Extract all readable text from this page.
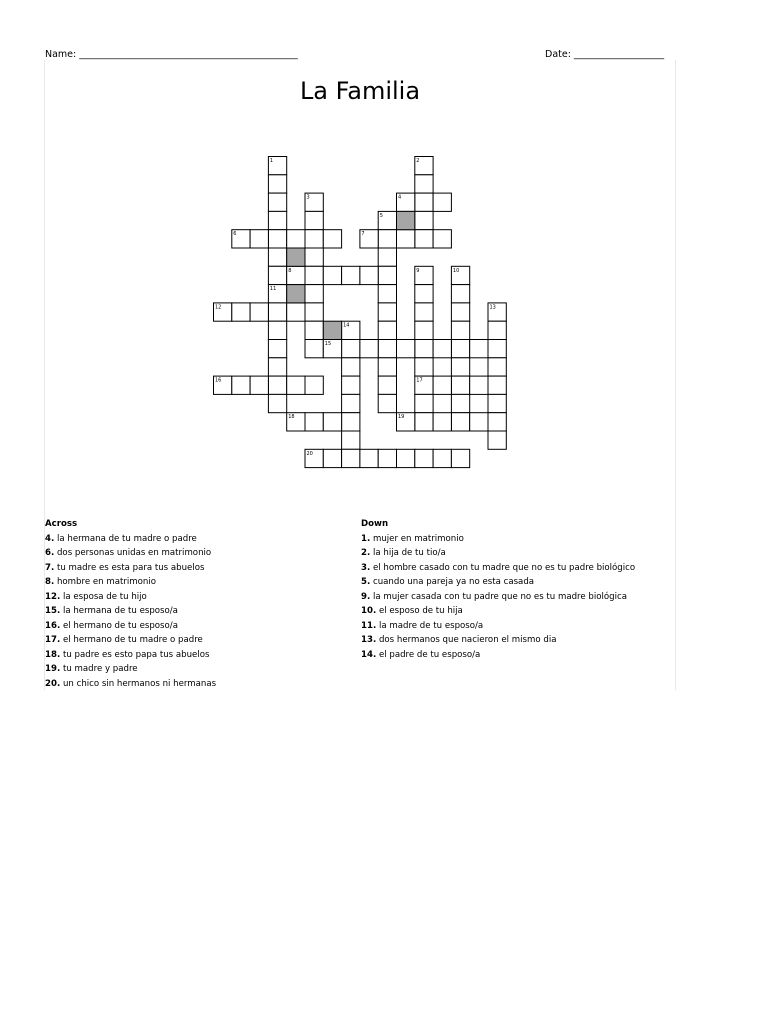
Name: ______________________________________________	Date: ___________________
La Familia
1	2
3	4
5
6	7
8	9	10
11
12	13
14
15
16	17
18	19
20
Across
4. la hermana de tu madre o padre
6. dos personas unidas en matrimonio
7. tu madre es esta para tus abuelos
8. hombre en matrimonio
12. la esposa de tu hijo
15. la hermana de tu esposo/a
16. el hermano de tu esposo/a
17. el hermano de tu madre o padre
18. tu padre es esto papa tus abuelos
19. tu madre y padre
20. un chico sin hermanos ni hermanas
Down
1. mujer en matrimonio
2. la hija de tu tio/a
3. el hombre casado con tu madre que no es tu padre biológico
5. cuando una pareja ya no esta casada
9. la mujer casada con tu padre que no es tu madre biológica
10. el esposo de tu hija
11. la madre de tu esposo/a
13. dos hermanos que nacieron el mismo dia
14. el padre de tu esposo/a
